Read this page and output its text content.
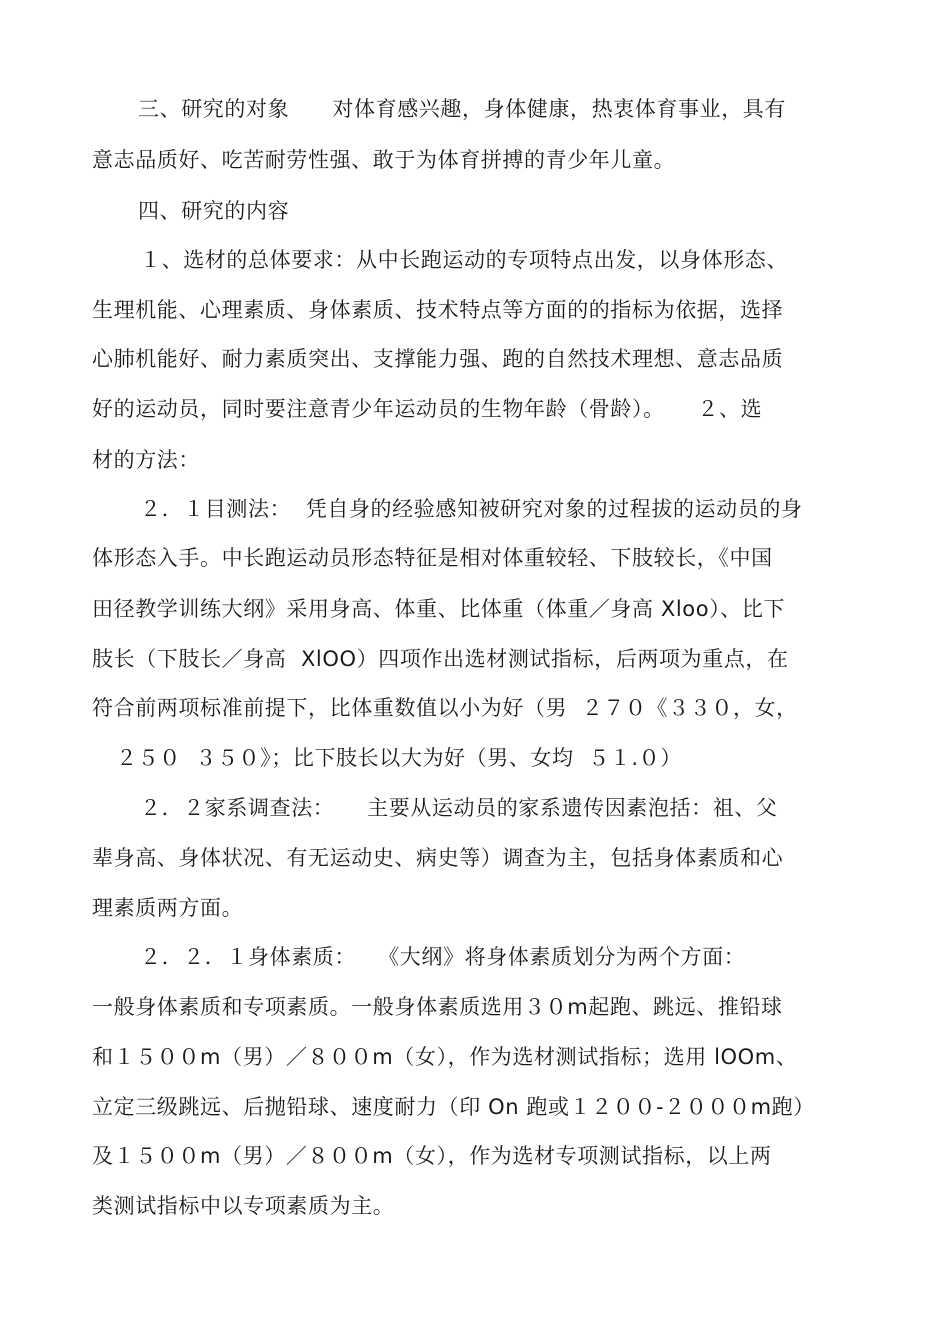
三、研究的对象　　对体育感兴趣，身体健康，热衷体育事业，具有
意志品质好、吃苦耐劳性强、敢于为体育拼搏的青少年儿童。
四、研究的内容
１、选材的总体要求：从中长跑运动的专项特点出发，以身体形态、
生理机能、心理素质、身体素质、技术特点等方面的的指标为依据，选择
心肺机能好、耐力素质突出、支撑能力强、跑的自然技术理想、意志品质
好的运动员，同时要注意青少年运动员的生物年龄（骨龄）。　　２、选
材的方法：
２．１目测法：  凭自身的经验感知被研究对象的过程拔的运动员的身
体形态入手。中长跑运动员形态特征是相对体重较轻、下肢较长，《中国
田径教学训练大纲》采用身高、体重、比体重（体重／身高 Xloo）、比下
肢长（下肢长／身高  XlOO）四项作出选材测试指标，后两项为重点，在
符合前两项标准前提下，比体重数值以小为好（男  ２７０《３３０，女，
２５０  ３５０》；比下肢长以大为好（男、女均  ５１.０）
２．２家系调查法：　　主要从运动员的家系遗传因素泡括：祖、父
辈身高、身体状况、有无运动史、病史等）调查为主，包括身体素质和心
理素质两方面。
２．２．１身体素质：　　《大纲》将身体素质划分为两个方面：
一般身体素质和专项素质。一般身体素质选用３０m起跑、跳远、推铅球
和１５００m（男）／８００m（女），作为选材测试指标；选用 lOOm、
立定三级跳远、后抛铅球、速度耐力（印 On 跑或１２００-２０００m跑）
及１５００m（男）／８００m（女），作为选材专项测试指标，以上两
类测试指标中以专项素质为主。
